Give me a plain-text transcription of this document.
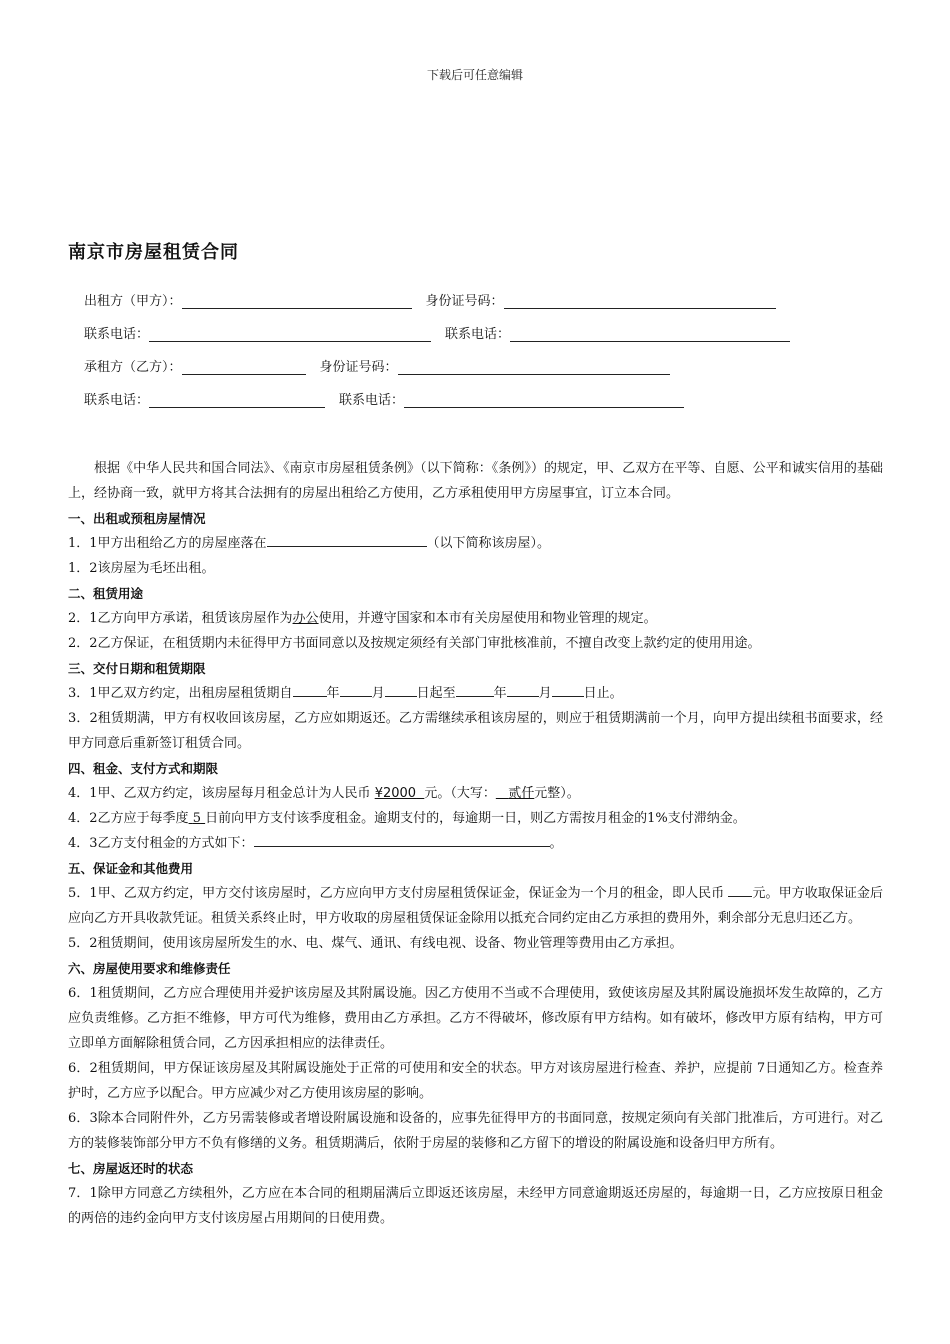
下载后可任意编辑
南京市房屋租赁合同
出租方（甲方）：	身份证号码：
联系电话：	联系电话：
承租方（乙方）：	身份证号码：
联系电话：	联系电话：

根据《中华人民共和国合同法》、《南京市房屋租赁条例》（以下简称：《条例》）的规定，甲、乙双方在平等、自愿、公平和诚实信用的基础上，经协商一致，就甲方将其合法拥有的房屋出租给乙方使用，乙方承租使用甲方房屋事宜，订立本合同。

一、出租或预租房屋情况

1．1甲方出租给乙方的房屋座落在	（以下简称该房屋）。

1．2该房屋为毛坯出租。

二、租赁用途

2．1乙方向甲方承诺，租赁该房屋作为办公使用，并遵守国家和本市有关房屋使用和物业管理的规定。

2．2乙方保证，在租赁期内未征得甲方书面同意以及按规定须经有关部门审批核准前，不擅自改变上款约定的使用用途。

三、交付日期和租赁期限

3．1甲乙双方约定，出租房屋租赁期自	年 月 日起至	年 月 日止。

3．2租赁期满，甲方有权收回该房屋，乙方应如期返还。乙方需继续承租该房屋的，则应于租赁期满前一个月，向甲方提出续租书面要求，经甲方同意后重新签订租赁合同。

四、租金、支付方式和期限

4．1甲、乙双方约定，该房屋每月租金总计为人民币 ¥2000 元。（大写： 贰仟元整）。

4．2乙方应于每季度 5 日前向甲方支付该季度租金。逾期支付的，每逾期一日，则乙方需按月租金的1%支付滞纳金。

4．3乙方支付租金的方式如下：	。

五、保证金和其他费用

5．1甲、乙双方约定，甲方交付该房屋时，乙方应向甲方支付房屋租赁保证金，保证金为一个月的租金，即人民币 元。甲方收取保证金后应向乙方开具收款凭证。租赁关系终止时，甲方收取的房屋租赁保证金除用以抵充合同约定由乙方承担的费用外，剩余部分无息归还乙方。

5．2租赁期间，使用该房屋所发生的水、电、煤气、通讯、有线电视、设备、物业管理等费用由乙方承担。

六、房屋使用要求和维修责任

6．1租赁期间，乙方应合理使用并爱护该房屋及其附属设施。因乙方使用不当或不合理使用，致使该房屋及其附属设施损坏发生故障的，乙方应负责维修。乙方拒不维修，甲方可代为维修，费用由乙方承担。乙方不得破坏，修改原有甲方结构。如有破坏，修改甲方原有结构，甲方可立即单方面解除租赁合同，乙方因承担相应的法律责任。

6．2租赁期间，甲方保证该房屋及其附属设施处于正常的可使用和安全的状态。甲方对该房屋进行检查、养护，应提前 7日通知乙方。检查养护时，乙方应予以配合。甲方应减少对乙方使用该房屋的影响。

6．3除本合同附件外，乙方另需装修或者增设附属设施和设备的，应事先征得甲方的书面同意，按规定须向有关部门批准后，方可进行。对乙方的装修装饰部分甲方不负有修缮的义务。租赁期满后，依附于房屋的装修和乙方留下的增设的附属设施和设备归甲方所有。

七、房屋返还时的状态

7．1除甲方同意乙方续租外，乙方应在本合同的租期届满后立即返还该房屋，未经甲方同意逾期返还房屋的，每逾期一日，乙方应按原日租金的两倍的违约金向甲方支付该房屋占用期间的日使用费。
